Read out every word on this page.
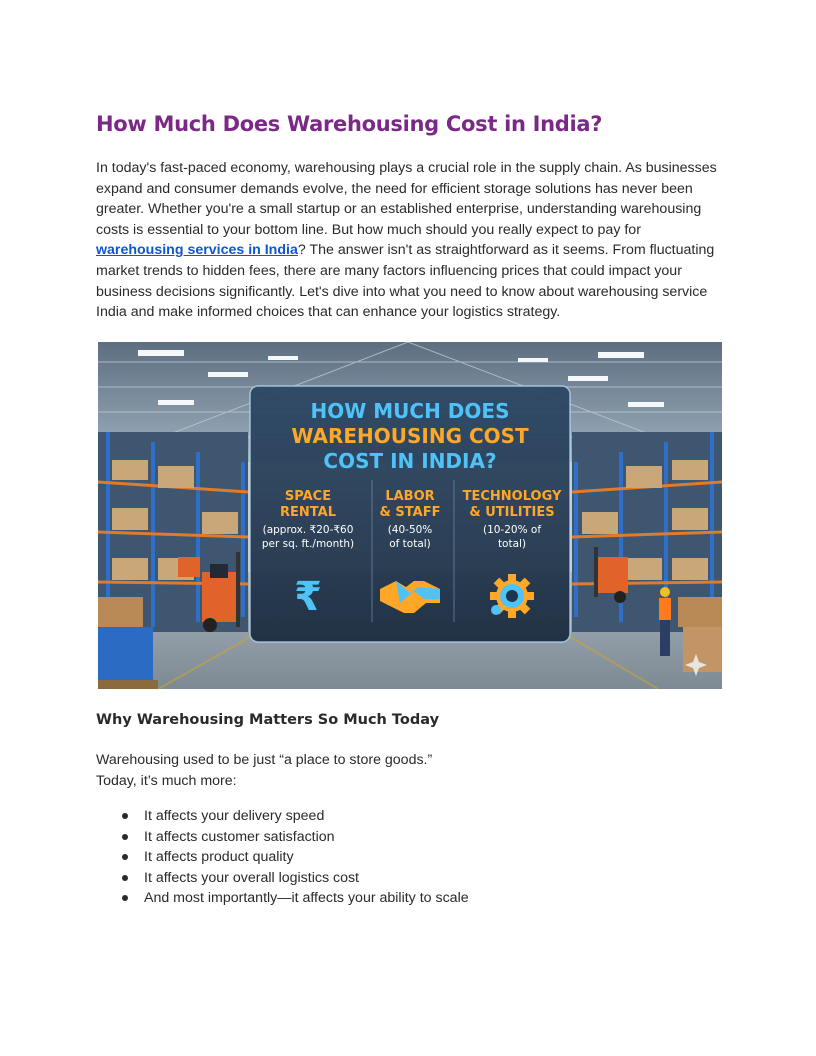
How Much Does Warehousing Cost in India?

In today's fast-paced economy, warehousing plays a crucial role in the supply chain. As businesses expand and consumer demands evolve, the need for efficient storage solutions has never been greater. Whether you're a small startup or an established enterprise, understanding warehousing costs is essential to your bottom line. But how much should you really expect to pay for warehousing services in India? The answer isn't as straightforward as it seems. From fluctuating market trends to hidden fees, there are many factors influencing prices that could impact your business decisions significantly. Let's dive into what you need to know about warehousing service India and make informed choices that can enhance your logistics strategy.

HOW MUCH DOES
WAREHOUSING COST
COST IN INDIA?
SPACE
RENTAL
(approx. ₹20-₹60
per sq. ft./month)
₹
LABOR
& STAFF
(40-50%
of total)
TECHNOLOGY
& UTILITIES
(10-20% of
total)
Why Warehousing Matters So Much Today

Warehousing used to be just “a place to store goods.”
Today, it’s much more:

It affects your delivery speed
It affects customer satisfaction
It affects product quality
It affects your overall logistics cost
And most importantly—it affects your ability to scale
